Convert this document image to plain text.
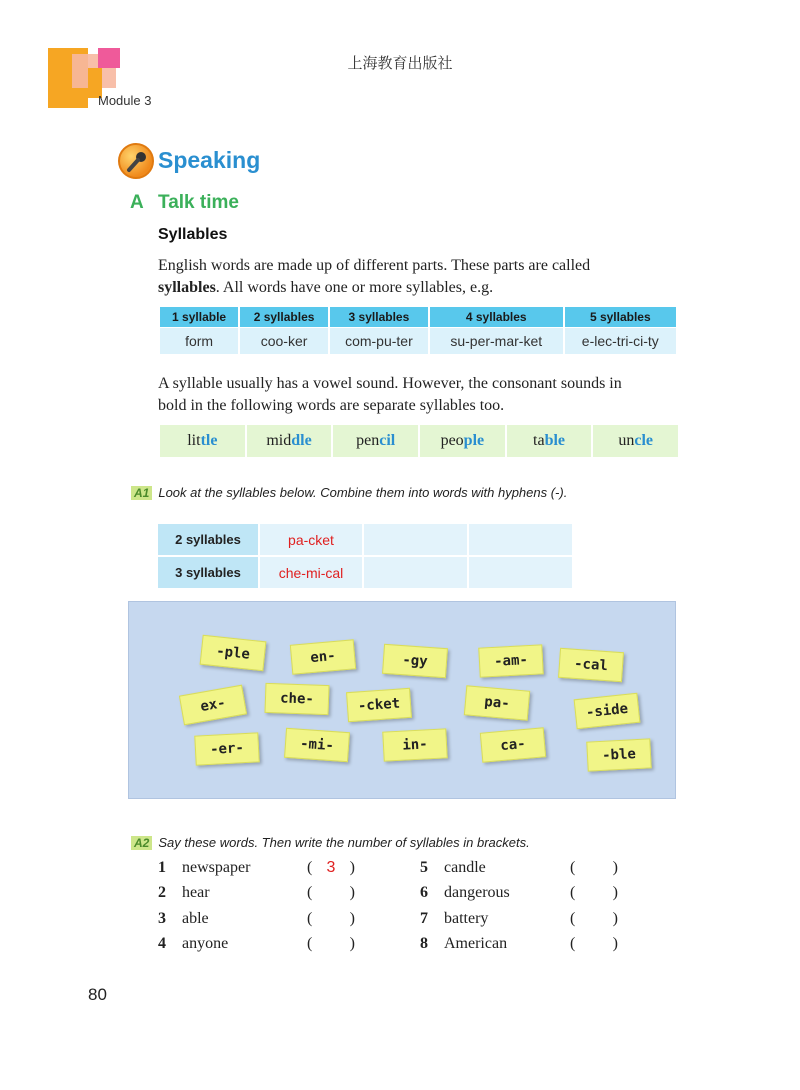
上海教育出版社
Module 3
Speaking
A Talk time
Syllables
English words are made up of different parts. These parts are called
syllables. All words have one or more syllables, e.g.
1 syllable	2 syllables	3 syllables	4 syllables	5 syllables
form	coo-ker	com-pu-ter	su-per-mar-ket	e-lec-tri-ci-ty
A syllable usually has a vowel sound. However, the consonant sounds in
bold in the following words are separate syllables too.
lit tle	mid dle	pen cil	peo ple	ta ble	un cle
A1 Look at the syllables below. Combine them into words with hyphens (-).
2 syllables	pa-cket		
3 syllables	che-mi-cal		
-ple	en-	-gy	-am-	-cal
ex-	che-	-cket	pa-	-side
-er-	-mi-	in-	ca-
-ble
A2 Say these words. Then write the number of syllables in brackets.
1 newspaper	( 3 )
2 hear	( )
3 able	( )
4 anyone	( )
5 candle	( )
6 dangerous	( )
7 battery	( )
8 American	( )
80
